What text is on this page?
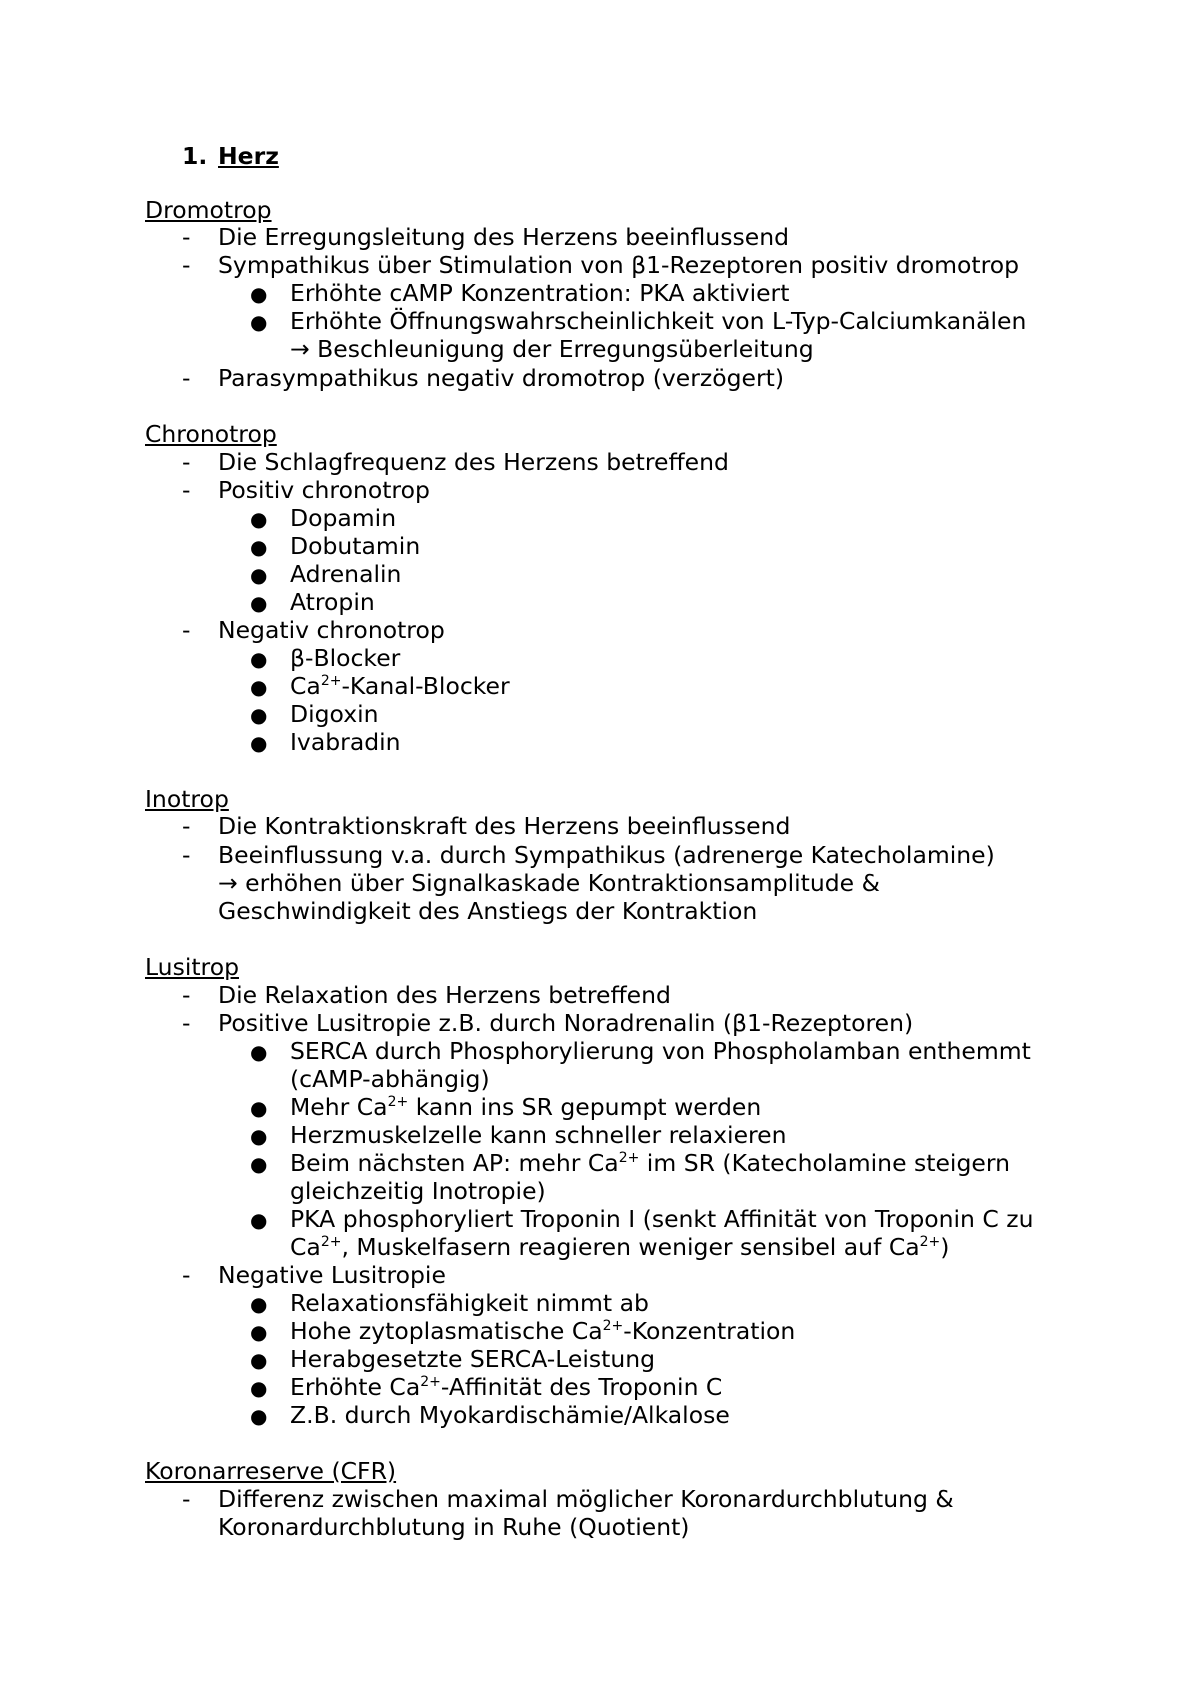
1. Herz
Dromotrop
- Die Erregungsleitung des Herzens beeinflussend
- Sympathikus über Stimulation von β1-Rezeptoren positiv dromotrop
● Erhöhte cAMP Konzentration: PKA aktiviert
● Erhöhte Öffnungswahrscheinlichkeit von L-Typ-Calciumkanälen
→ Beschleunigung der Erregungsüberleitung
- Parasympathikus negativ dromotrop (verzögert)
Chronotrop
- Die Schlagfrequenz des Herzens betreffend
- Positiv chronotrop
● Dopamin
● Dobutamin
● Adrenalin
● Atropin
- Negativ chronotrop
● β-Blocker
● $Ca^{2+}-Kanal$-Blocker
● Digoxin
● Ivabradin
Inotrop
- Die Kontraktionskraft des Herzens beeinflussend
- Beeinflussung v.a. durch Sympathikus (adrenerge Katecholamine)
→ erhöhen über Signalkaskade Kontraktionsamplitude &
Geschwindigkeit des Anstiegs der Kontraktion
Lusitrop
- Die Relaxation des Herzens betreffend
- Positive Lusitropie z.B. durch Noradrenalin (β1-Rezeptoren)
● SERCA durch Phosphorylierung von Phospholamban enthemmt
(cAMP-abhängig)
● Mehr $Ca^{2+}$ kann ins SR gepumpt werden
● Herzmuskelzelle kann schneller relaxieren
● Beim nächsten AP: mehr $Ca^{2+}$ im SR (Katecholamine steigern
gleichzeitig Inotropie)
● PKA phosphoryliert Troponin I (senkt Affinität von Troponin C zu
$Ca^{2+}$, Muskelfasern reagieren weniger sensibel auf $Ca^{2+}$)
- Negative Lusitropie
● Relaxationsfähigkeit nimmt ab
● Hohe zytoplasmatische $Ca^{2+}$-Konzentration
● Herabgesetzte SERCA-Leistung
● Erhöhte $Ca^{2+}$-Affinität des Troponin C
● Z.B. durch Myokardischämie/Alkalose
Koronarreserve (CFR)
- Differenz zwischen maximal möglicher Koronardurchblutung &
Koronardurchblutung in Ruhe (Quotient)
